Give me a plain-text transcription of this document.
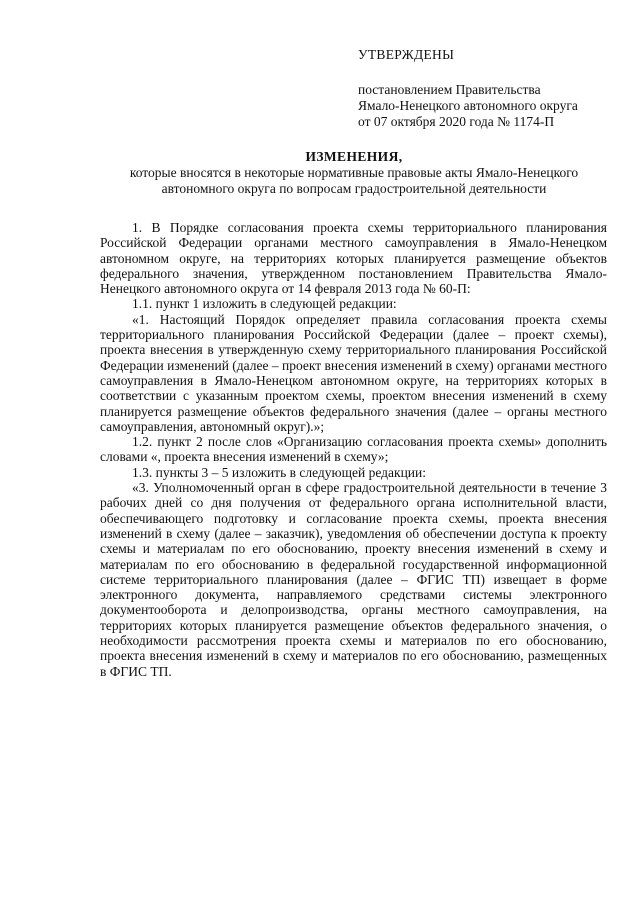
УТВЕРЖДЕНЫ
постановлением Правительства
Ямало-Ненецкого автономного округа
от 07 октября 2020 года № 1174-П
ИЗМЕНЕНИЯ,
которые вносятся в некоторые нормативные правовые акты Ямало-Ненецкого
автономного округа по вопросам градостроительной деятельности

1. В Порядке согласования проекта схемы территориального планирования Российской Федерации органами местного самоуправления в Ямало-Ненецком автономном округе, на территориях которых планируется размещение объектов федерального значения, утвержденном постановлением Правительства Ямало-Ненецкого автономного округа от 14 февраля 2013 года № 60-П:

1.1. пункт 1 изложить в следующей редакции:

«1. Настоящий Порядок определяет правила согласования проекта схемы территориального планирования Российской Федерации (далее – проект схемы), проекта внесения в утвержденную схему территориального планирования Российской Федерации изменений (далее – проект внесения изменений в схему) органами местного самоуправления в Ямало-Ненецком автономном округе, на территориях которых в соответствии с указанным проектом схемы, проектом внесения изменений в схему планируется размещение объектов федерального значения (далее – органы местного самоуправления, автономный округ).»;

1.2. пункт 2 после слов «Организацию согласования проекта схемы» дополнить словами «, проекта внесения изменений в схему»;

1.3. пункты 3 – 5 изложить в следующей редакции:

«3. Уполномоченный орган в сфере градостроительной деятельности в течение 3 рабочих дней со дня получения от федерального органа исполнительной власти, обеспечивающего подготовку и согласование проекта схемы, проекта внесения изменений в схему (далее – заказчик), уведомления об обеспечении доступа к проекту схемы и материалам по его обоснованию, проекту внесения изменений в схему и материалам по его обоснованию в федеральной государственной информационной системе территориального планирования (далее – ФГИС ТП) извещает в форме электронного документа, направляемого средствами системы электронного документооборота и делопроизводства, органы местного самоуправления, на территориях которых планируется размещение объектов федерального значения, о необходимости рассмотрения проекта схемы и материалов по его обоснованию, проекта внесения изменений в схему и материалов по его обоснованию, размещенных в ФГИС ТП.
